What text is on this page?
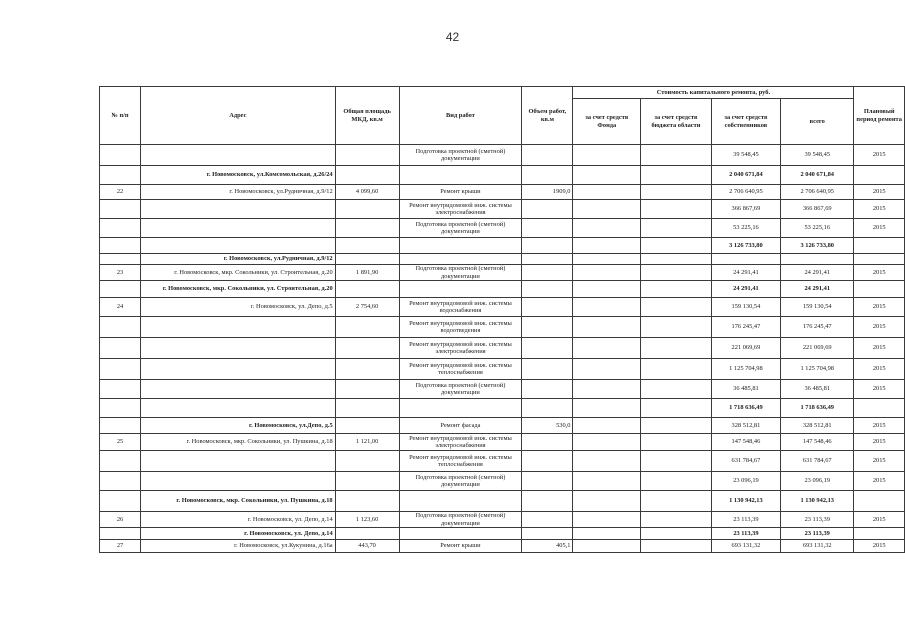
42
№ п/п	Адрес	Общая площадь МКД, кв.м	Вид работ	Объем работ, кв.м	Стоимость капитального ремонта, руб.				Плановый период ремонта
					за счет средств Фонда	за счет средств бюджета области	за счет средств собственников	всего	
			Подготовка проектной (сметной) документации				39 548,45	39 548,45	2015
	г. Новомосковск, ул.Комсомольская, д.26/24						2 040 671,84	2 040 671,84	
22	г. Новомосковск, ул.Рудничная, д.9/12	4 099,60	Ремонт крыши	1909,0			2 706 640,95	2 706 640,95	2015
			Ремонт внутридомовой инж. системы электроснабжения				366 867,69	366 867,69	2015
			Подготовка проектной (сметной) документации				53 225,16	53 225,16	2015
							3 126 733,80	3 126 733,80	
	г. Новомосковск, ул.Рудничная, д.9/12								
23	г. Новомосковск, мкр. Сокольники, ул. Строительная, д.20	1 891,90	Подготовка проектной (сметной) документации				24 291,41	24 291,41	2015
	г. Новомосковск, мкр. Сокольники, ул. Строительная, д.20						24 291,41	24 291,41	
24	г. Новомосковск, ул. Депо, д.5	2 754,60	Ремонт внутридомовой инж. системы водоснабжения				159 130,54	159 130,54	2015
			Ремонт внутридомовой инж. системы водоотведения				176 245,47	176 245,47	2015
			Ремонт внутридомовой инж. системы электроснабжения				221 069,69	221 069,69	2015
			Ремонт внутридомовой инж. системы теплоснабжения				1 125 704,98	1 125 704,98	2015
			Подготовка проектной (сметной) документации				36 485,81	36 485,81	2015
							1 718 636,49	1 718 636,49	
	г. Новомосковск, ул.Депо, д.5		Ремонт фасада	530,0			328 512,81	328 512,81	2015
25	г. Новомосковск, мкр. Сокольники, ул. Пушкина, д.18	1 121,00	Ремонт внутридомовой инж. системы электроснабжения				147 548,46	147 548,46	2015
			Ремонт внутридомовой инж. системы теплоснабжения				631 784,67	631 784,67	2015
			Подготовка проектной (сметной) документации				23 096,19	23 096,19	2015
	г. Новомосковск, мкр. Сокольники, ул. Пушкина, д.18						1 130 942,13	1 130 942,13	
26	г. Новомосковск, ул. Депо, д.14	1 123,60	Подготовка проектной (сметной) документации				23 113,39	23 113,39	2015
	г. Новомосковск, ул. Депо, д.14						23 113,39	23 113,39	
27	г. Новомосковск, ул.Кукунина, д.16а	443,70	Ремонт крыши	405,1			693 131,32	693 131,32	2015
